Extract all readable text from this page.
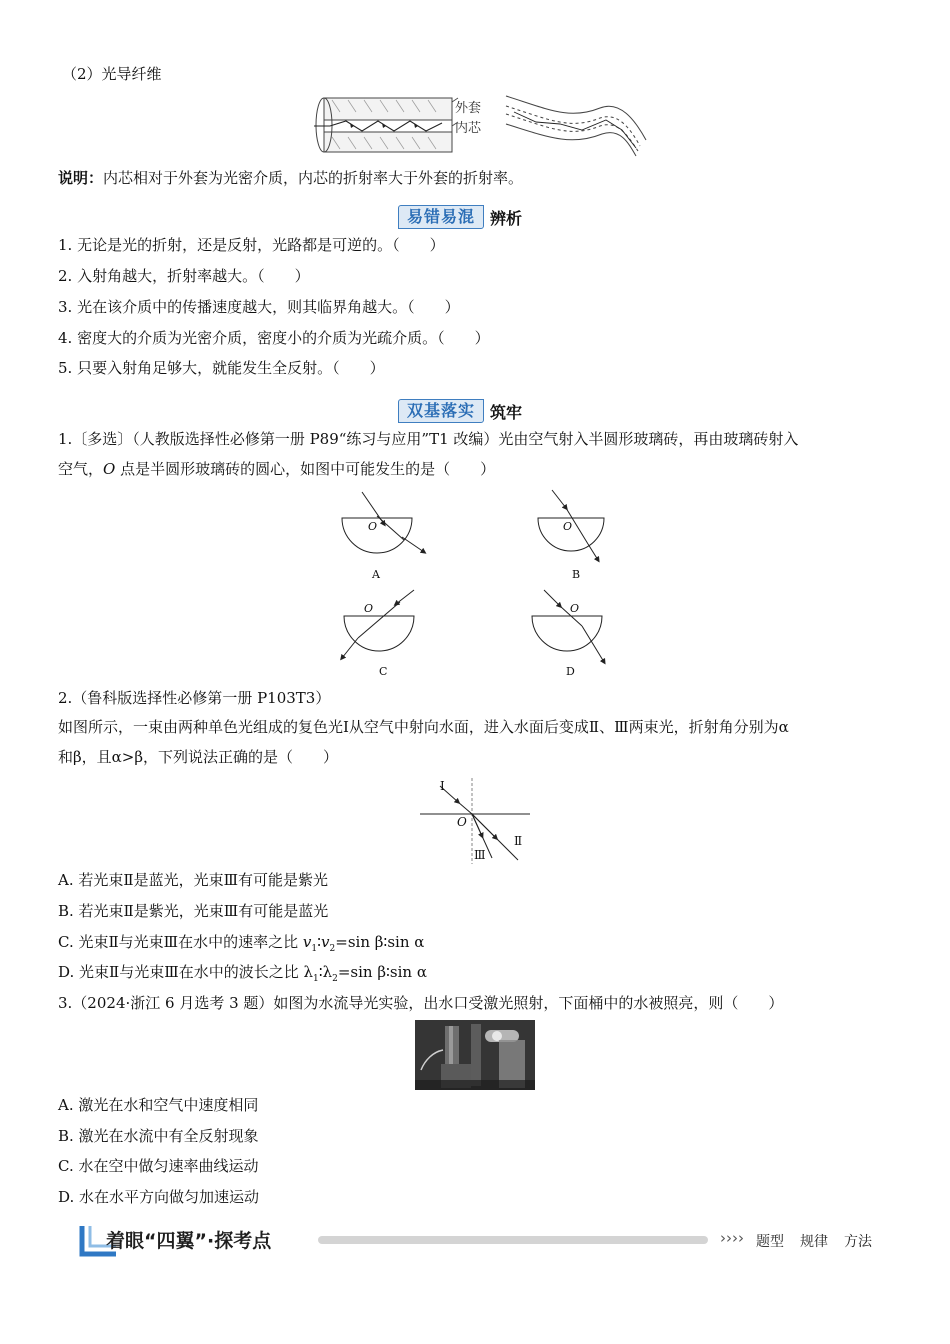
（2）光导纤维
外套
内芯
说明：内芯相对于外套为光密介质，内芯的折射率大于外套的折射率。
易错易混 辨析
1. 无论是光的折射，还是反射，光路都是可逆的。（　　）
2. 入射角越大，折射率越大。（　　）
3. 光在该介质中的传播速度越大，则其临界角越大。（　　）
4. 密度大的介质为光密介质，密度小的介质为光疏介质。（　　）
5. 只要入射角足够大，就能发生全反射。（　　）
双基落实 筑牢
1.〔多选〕（人教版选择性必修第一册 P89“练习与应用”T1 改编）光由空气射入半圆形玻璃砖，再由玻璃砖射入
空气，O 点是半圆形玻璃砖的圆心，如图中可能发生的是（　　）
O	O
O	O
A	B
C	D
2.（鲁科版选择性必修第一册 P103T3）
如图所示，一束由两种单色光组成的复色光Ⅰ从空气中射向水面，进入水面后变成Ⅱ、Ⅲ两束光，折射角分别为α
和β，且α>β，下列说法正确的是（　　）
Ⅰ
O
Ⅱ
Ⅲ
A. 若光束Ⅱ是蓝光，光束Ⅲ有可能是紫光
B. 若光束Ⅱ是紫光，光束Ⅲ有可能是蓝光
C. 光束Ⅱ与光束Ⅲ在水中的速率之比 $v_1∶v_2=\sin$ β∶sin α
D. 光束Ⅱ与光束Ⅲ在水中的波长之比 $\lambda_1∶\lambda_2=\sin$ β∶sin α
3.（2024·浙江 6 月选考 3 题）如图为水流导光实验，出水口受激光照射，下面桶中的水被照亮，则（　　）
A. 激光在水和空气中速度相同
B. 激光在水流中有全反射现象
C. 水在空中做匀速率曲线运动
D. 水在水平方向做匀加速运动
着眼“四翼”·探考点	›››› 题型 规律 方法
